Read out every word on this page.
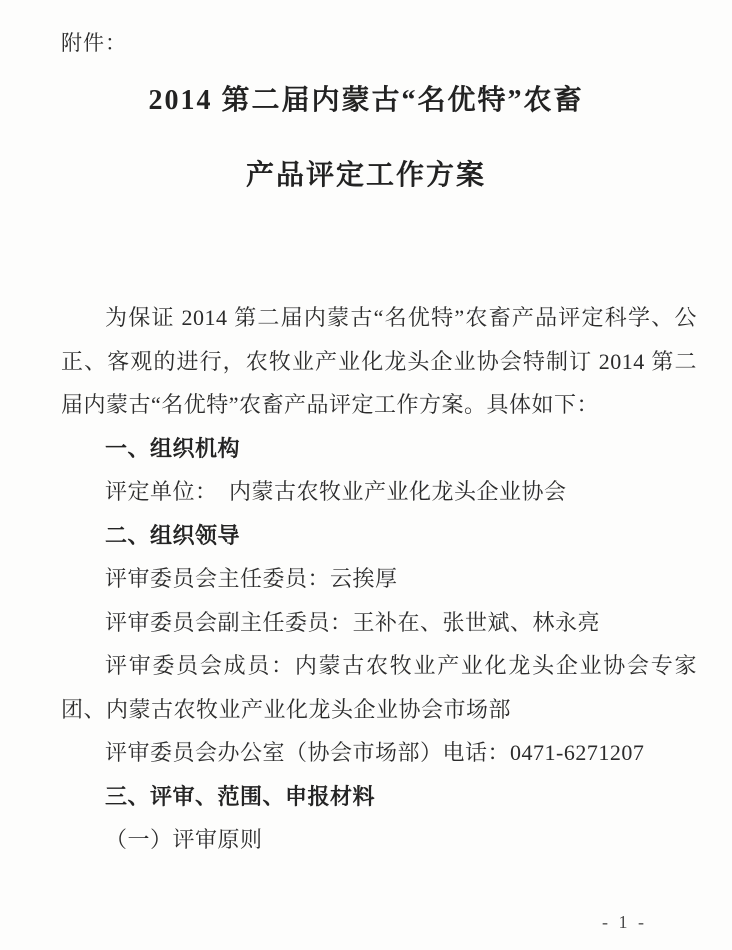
附件：
2014 第二届内蒙古“名优特”农畜
产品评定工作方案

为保证 2014 第二届内蒙古“名优特”农畜产品评定科学、公正、客观的进行，农牧业产业化龙头企业协会特制订 2014 第二届内蒙古“名优特”农畜产品评定工作方案。具体如下：

一、组织机构

评定单位：　内蒙古农牧业产业化龙头企业协会

二、组织领导

评审委员会主任委员：云挨厚

评审委员会副主任委员：王补在、张世斌、林永亮

评审委员会成员：内蒙古农牧业产业化龙头企业协会专家团、内蒙古农牧业产业化龙头企业协会市场部

评审委员会办公室（协会市场部）电话：0471-6271207

三、评审、范围、申报材料

（一）评审原则

- 1 -
